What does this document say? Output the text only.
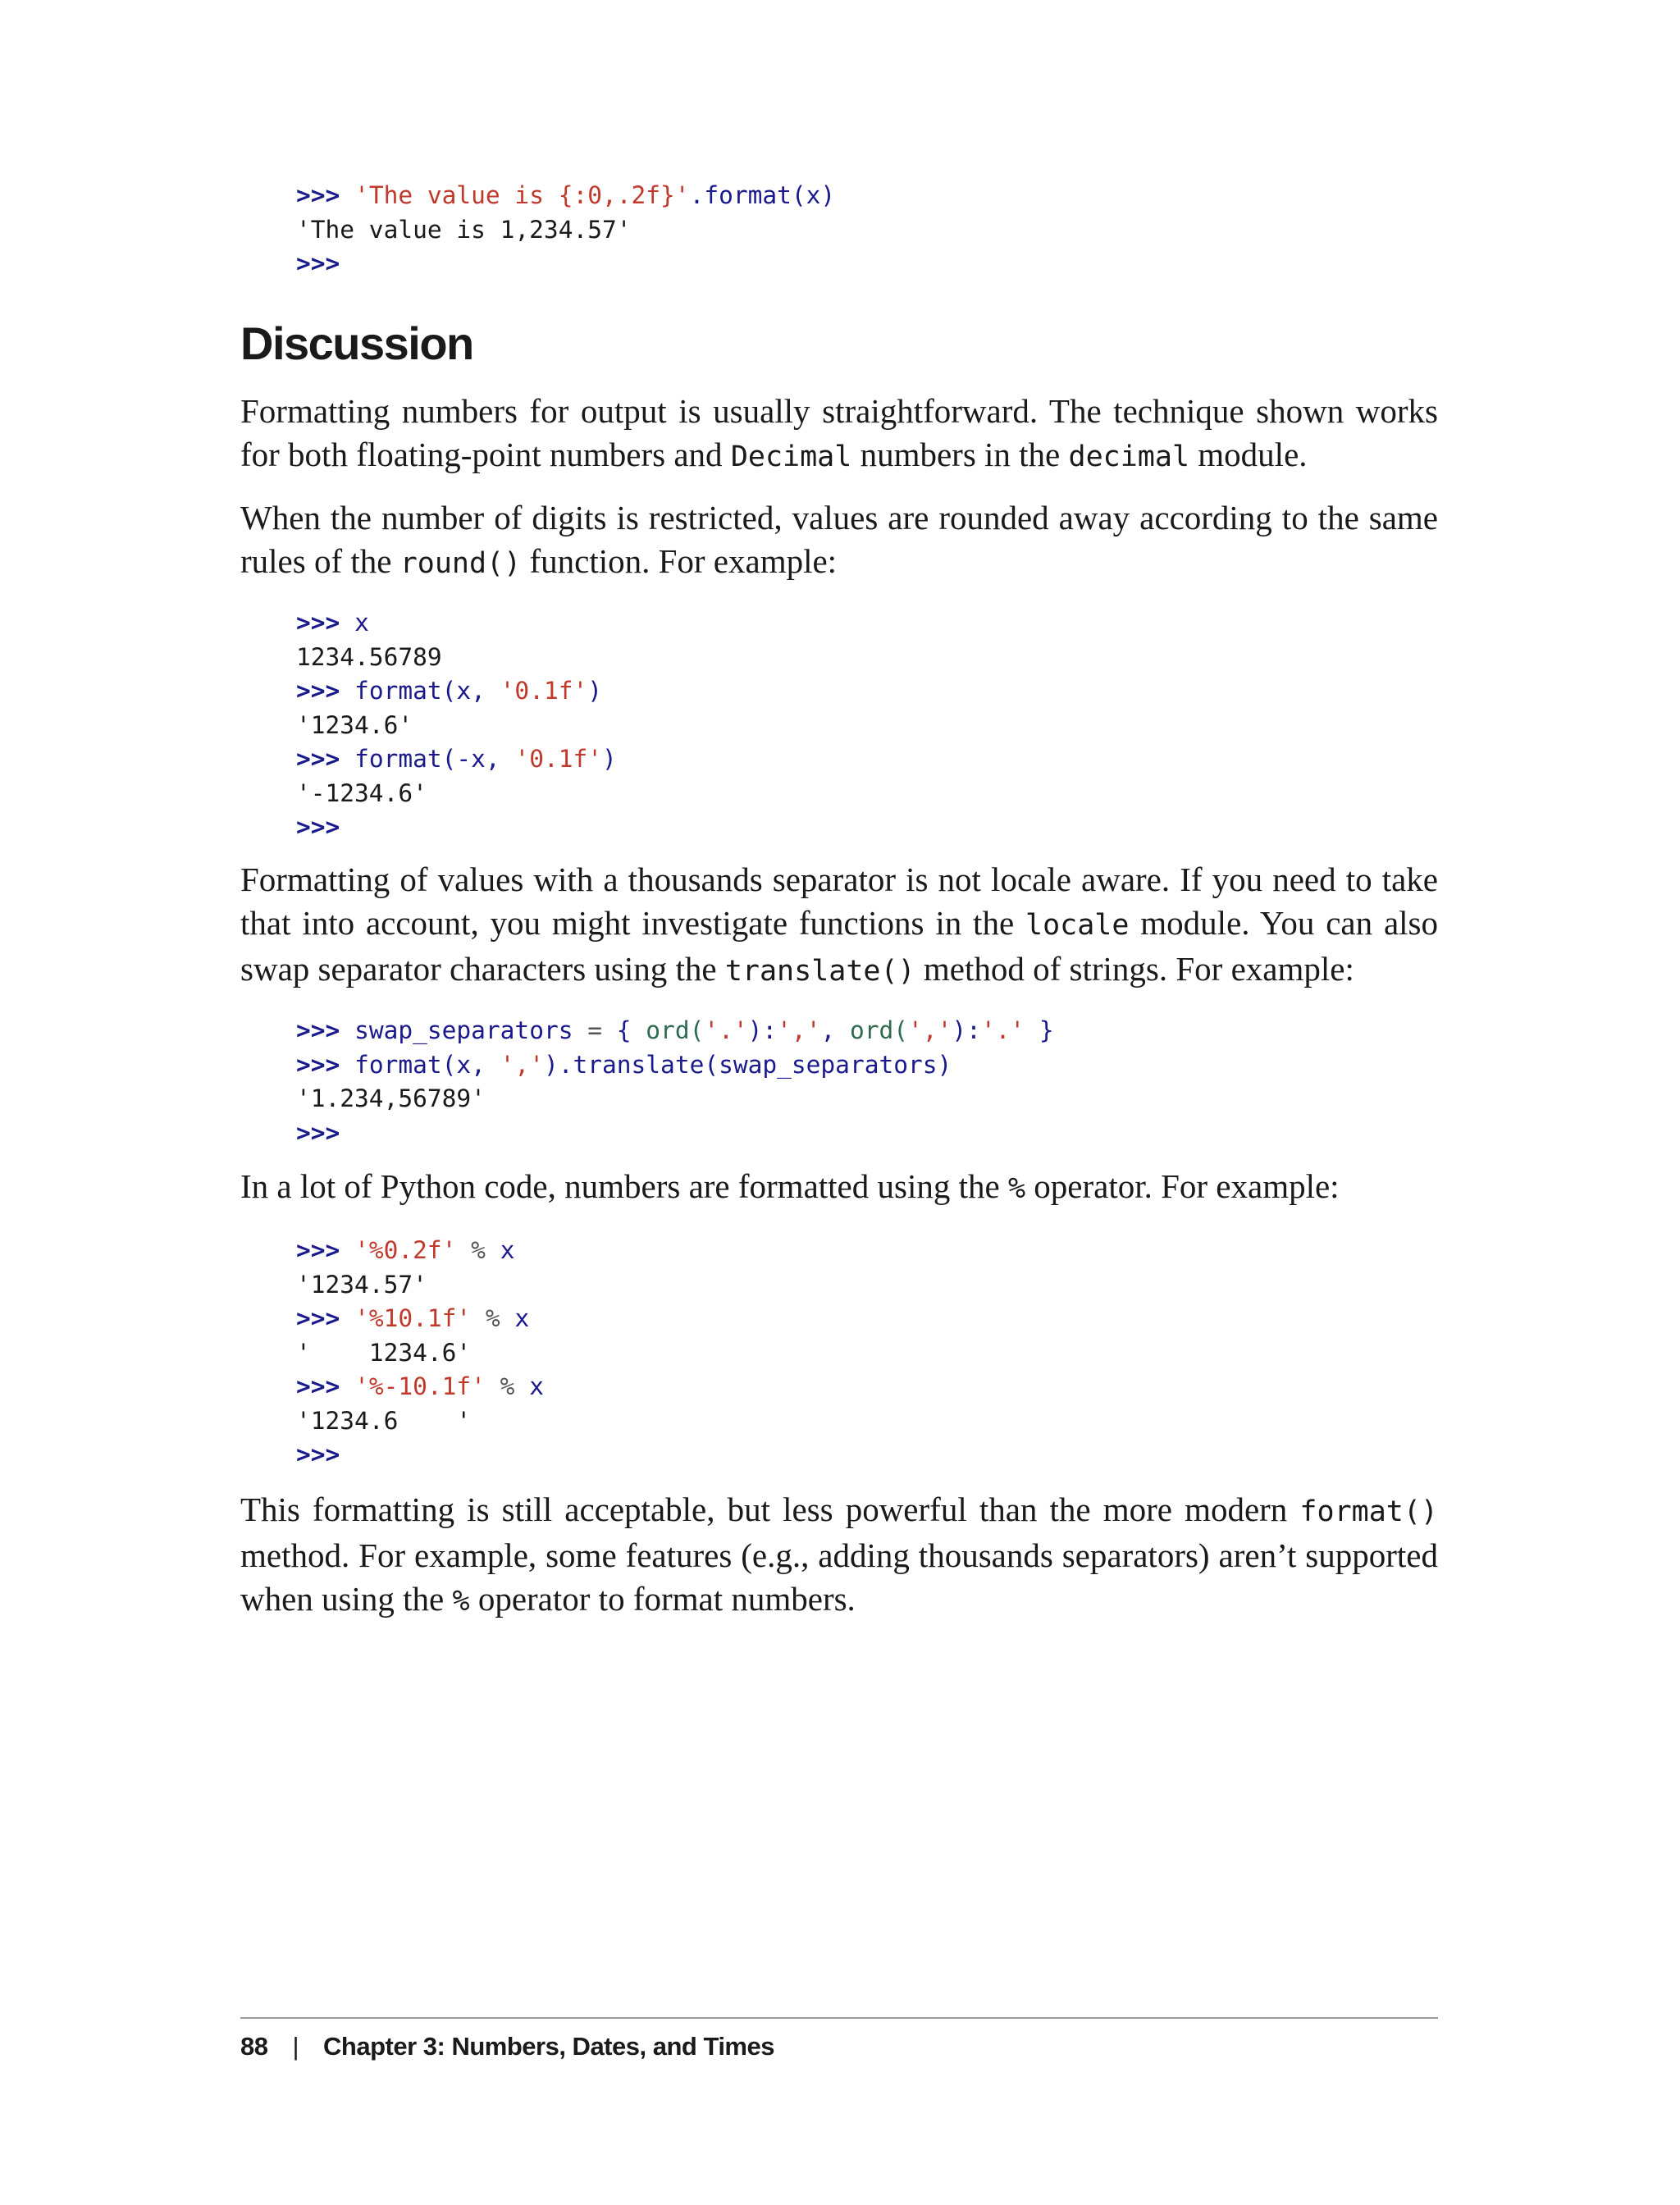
>>> 'The value is {:0,.2f}'.format(x)
'The value is 1,234.57'
>>>
Discussion

Formatting numbers for output is usually straightforward. The technique shown works for both floating-point numbers and Decimal numbers in the decimal module.

When the number of digits is restricted, values are rounded away according to the same rules of the round() function. For example:

>>> x
1234.56789
>>> format(x, '0.1f')
'1234.6'
>>> format(-x, '0.1f')
'-1234.6'
>>>

Formatting of values with a thousands separator is not locale aware. If you need to take that into account, you might investigate functions in the locale module. You can also swap separator characters using the translate() method of strings. For example:

>>> swap_separators = { ord('.'):',', ord(','):'.' }
>>> format(x, ',').translate(swap_separators)
'1.234,56789'
>>>

In a lot of Python code, numbers are formatted using the % operator. For example:

>>> '%0.2f' % x
'1234.57'
>>> '%10.1f' % x
'    1234.6'
>>> '%-10.1f' % x
'1234.6    '
>>>

This formatting is still acceptable, but less powerful than the more modern format() method. For example, some features (e.g., adding thousands separators) aren’t supported when using the % operator to format numbers.

88 | Chapter 3: Numbers, Dates, and Times
